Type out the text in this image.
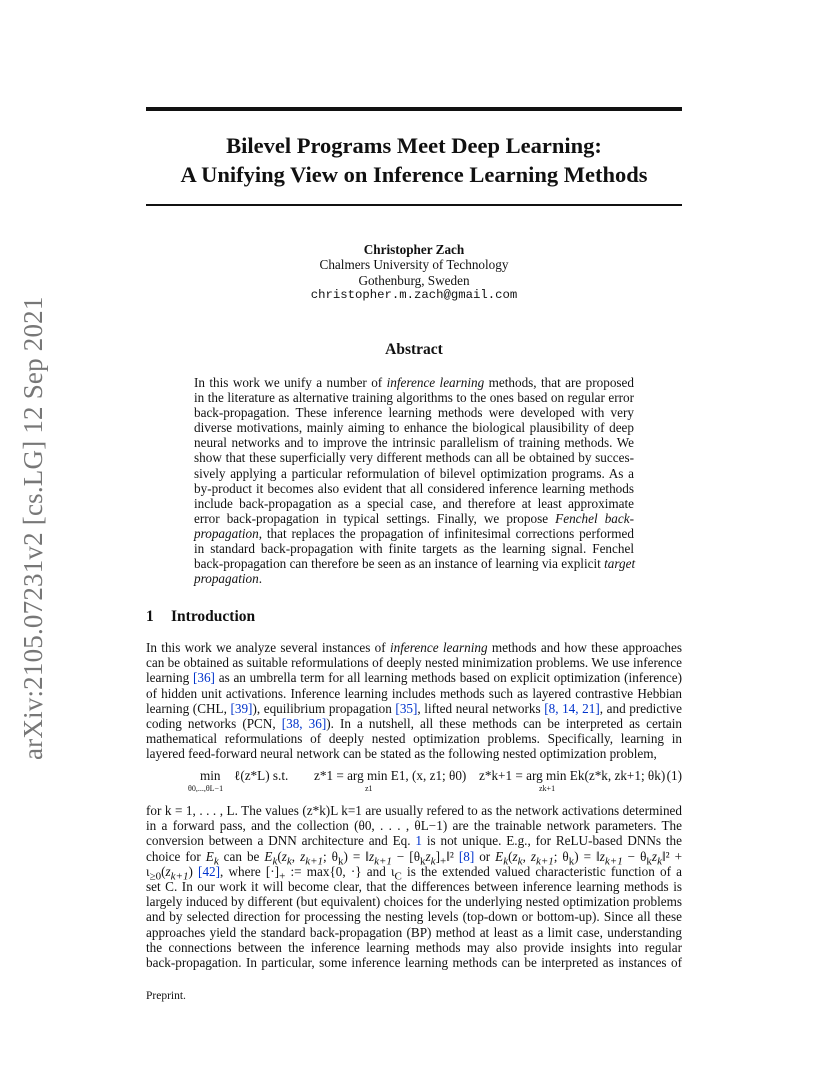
arXiv:2105.07231v2 [cs.LG] 12 Sep 2021
Bilevel Programs Meet Deep Learning:
A Unifying View on Inference Learning Methods
Christopher Zach
Chalmers University of Technology
Gothenburg, Sweden
christopher.m.zach@gmail.com
Abstract
In this work we unify a number of inference learning methods, that are proposed
in the literature as alternative training algorithms to the ones based on regular error
back-propagation. These inference learning methods were developed with very
diverse motivations, mainly aiming to enhance the biological plausibility of deep
neural networks and to improve the intrinsic parallelism of training methods. We
show that these superficially very different methods can all be obtained by succes-
sively applying a particular reformulation of bilevel optimization programs. As a
by-product it becomes also evident that all considered inference learning methods
include back-propagation as a special case, and therefore at least approximate
error back-propagation in typical settings. Finally, we propose Fenchel back-
propagation, that replaces the propagation of infinitesimal corrections performed
in standard back-propagation with finite targets as the learning signal. Fenchel
back-propagation can therefore be seen as an instance of learning via explicit target
propagation.
1 Introduction
In this work we analyze several instances of inference learning methods and how these approaches
can be obtained as suitable reformulations of deeply nested minimization problems. We use inference
learning [36] as an umbrella term for all learning methods based on explicit optimization (inference)
of hidden unit activations. Inference learning includes methods such as layered contrastive Hebbian
learning (CHL, [39]), equilibrium propagation [35], lifted neural networks [8, 14, 21], and predictive
coding networks (PCN, [38, 36]). In a nutshell, all these methods can be interpreted as certain
mathematical reformulations of deeply nested optimization problems. Specifically, learning in
layered feed-forward neural network can be stated as the following nested optimization problem,
min
θ0,...,θL−1
ℓ(z*L) s.t. z*1 = arg min E1, (x, z1; θ0)
z1
z*k+1 = arg min Ek(z*k, zk+1; θk)
zk+1
(1)
for k = 1, . . . , L. The values (z*k)L k=1 are usually refered to as the network activations determined
in a forward pass, and the collection (θ0, . . . , θL−1) are the trainable network parameters. The
conversion between a DNN architecture and Eq. 1 is not unique. E.g., for ReLU-based DNNs the
choice for $E_k$ can be $E_k(z_k$, $z_{k+1}$; $\theta_k$) = $‖z_{k+1}$ − $[\theta_kz_k]_+‖^2$ [8] or $E_k(z_k$, $z_{k+1}$; $\theta_k$) = $‖z_{k+1}$ − $\theta_kz_k‖^2$ +
$\iota_{\ge 0}(z_{k+1})$ [42], where $[\cdot]_+$ := max{0, ·} and $\iota_C$ is the extended valued characteristic function of a
set C. In our work it will become clear, that the differences between inference learning methods is
largely induced by different (but equivalent) choices for the underlying nested optimization problems
and by selected direction for processing the nesting levels (top-down or bottom-up). Since all these
approaches yield the standard back-propagation (BP) method at least as a limit case, understanding
the connections between the inference learning methods may also provide insights into regular
back-propagation. In particular, some inference learning methods can be interpreted as instances of
Preprint.
